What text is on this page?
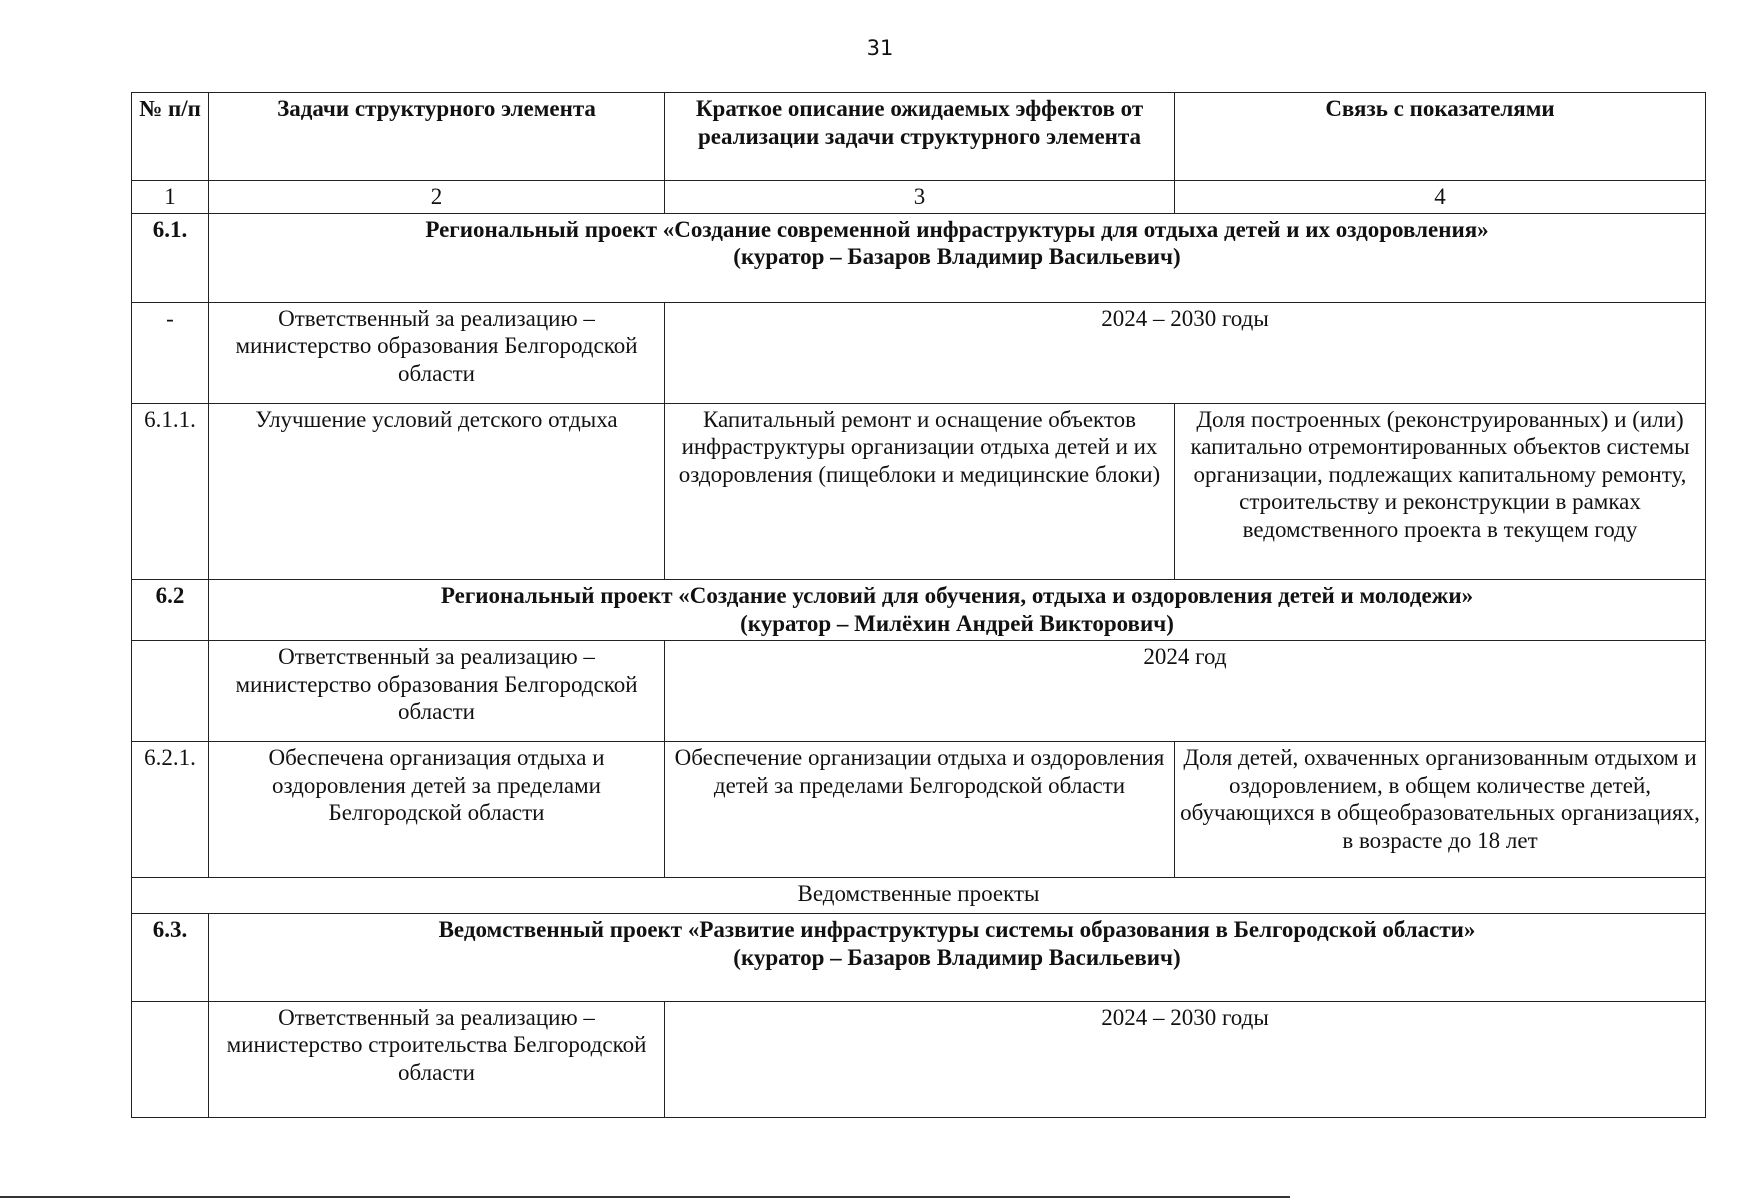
31
№ п/п	Задачи структурного элемента	Краткое описание ожидаемых эффектов от реализации задачи структурного элемента	Связь с показателями
1	2	3	4
6.1.	Региональный проект «Создание современной инфраструктуры для отдыха детей и их оздоровления»
(куратор – Базаров Владимир Васильевич)		

-	Ответственный за реализацию – министерство образования Белгородской области	2024 – 2030 годы	
6.1.1.	Улучшение условий детского отдыха	Капитальный ремонт и оснащение объектов инфраструктуры организации отдыха детей и их оздоровления (пищеблоки и медицинские блоки)	Доля построенных (реконструированных) и (или) капитально отремонтированных объектов системы организации, подлежащих капитальному ремонту, строительству и реконструкции в рамках ведомственного проекта в текущем году
6.2	Региональный проект «Создание условий для обучения, отдыха и оздоровления детей и молодежи»
(куратор – Милёхин Андрей Викторович)		

	Ответственный за реализацию – министерство образования Белгородской области	2024 год	
6.2.1.	Обеспечена организация отдыха и оздоровления детей за пределами Белгородской области	Обеспечение организации отдыха и оздоровления детей за пределами Белгородской области	Доля детей, охваченных организованным отдыхом и оздоровлением, в общем количестве детей, обучающихся в общеобразовательных организациях, в возрасте до 18 лет
Ведомственные проекты			
6.3.	Ведомственный проект «Развитие инфраструктуры системы образования в Белгородской области»
(куратор – Базаров Владимир Васильевич)		

	Ответственный за реализацию – министерство строительства Белгородской области	2024 – 2030 годы	
